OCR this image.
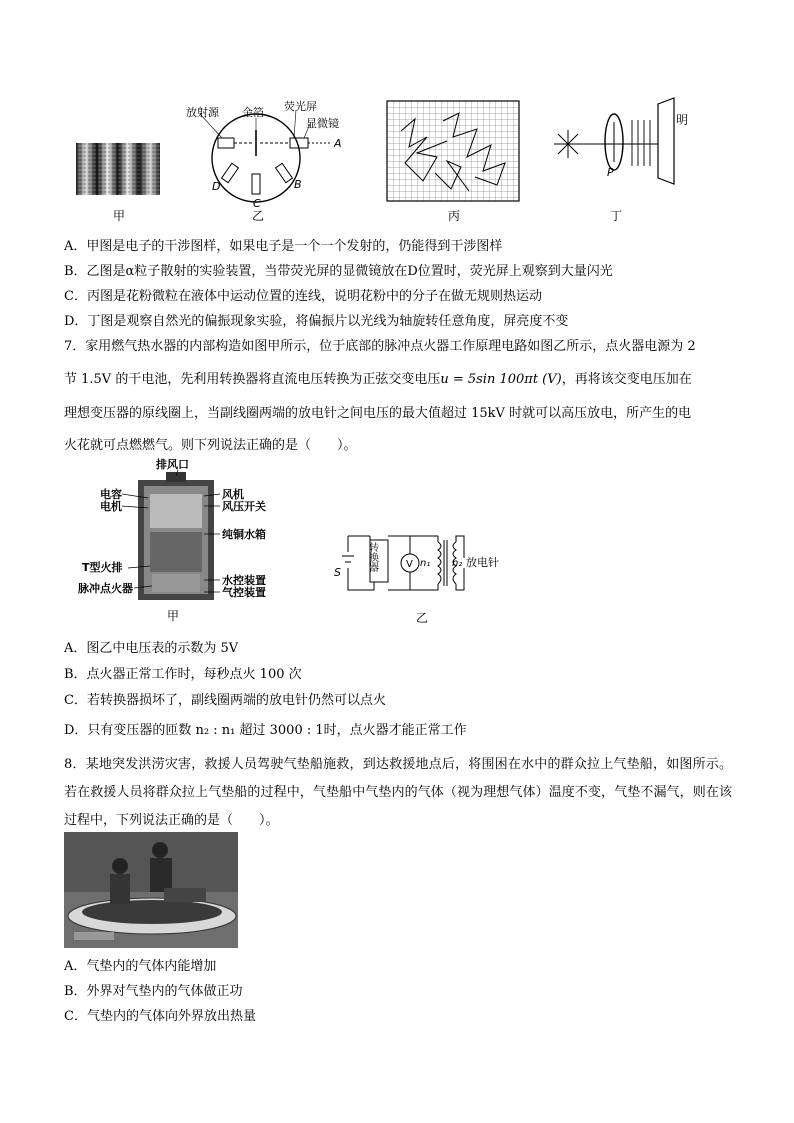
甲
放射源 金箔 荧光屏
显微镜
A
B
C
D
乙	丙
P
明
丁
A．甲图是电子的干涉图样，如果电子是一个一个发射的，仍能得到干涉图样
B．乙图是α粒子散射的实验装置，当带荧光屏的显微镜放在D位置时，荧光屏上观察到大量闪光
C．丙图是花粉微粒在液体中运动位置的连线，说明花粉中的分子在做无规则热运动
D．丁图是观察自然光的偏振现象实验，将偏振片以光线为轴旋转任意角度，屏亮度不变
7．家用燃气热水器的内部构造如图甲所示，位于底部的脉冲点火器工作原理电路如图乙所示，点火器电源为 2
节 1.5V 的干电池，先利用转换器将直流电压转换为正弦交变电压u = 5sin 100πt (V)，再将该交变电压加在
理想变压器的原线圈上，当副线圈两端的放电针之间电压的最大值超过 15kV 时就可以高压放电，所产生的电
火花就可点燃燃气。则下列说法正确的是（　　）。
排风口
电容
电机
风机
风压开关
纯铜水箱
T型火排
脉冲点火器
水控装置
气控装置
甲
S
转换器	V n₁ n₂ 放电针
乙
A．图乙中电压表的示数为 5V
B．点火器正常工作时，每秒点火 100 次
C．若转换器损坏了，副线圈两端的放电针仍然可以点火
D．只有变压器的匝数 n₂ : n₁ 超过 3000 : 1时，点火器才能正常工作
8．某地突发洪涝灾害，救援人员驾驶气垫船施救，到达救援地点后，将围困在水中的群众拉上气垫船，如图所示。若在救援人员将群众拉上气垫船的过程中，气垫船中气垫内的气体（视为理想气体）温度不变，气垫不漏气，则在该过程中，下列说法正确的是（　　）。
A．气垫内的气体内能增加
B．外界对气垫内的气体做正功
C．气垫内的气体向外界放出热量
